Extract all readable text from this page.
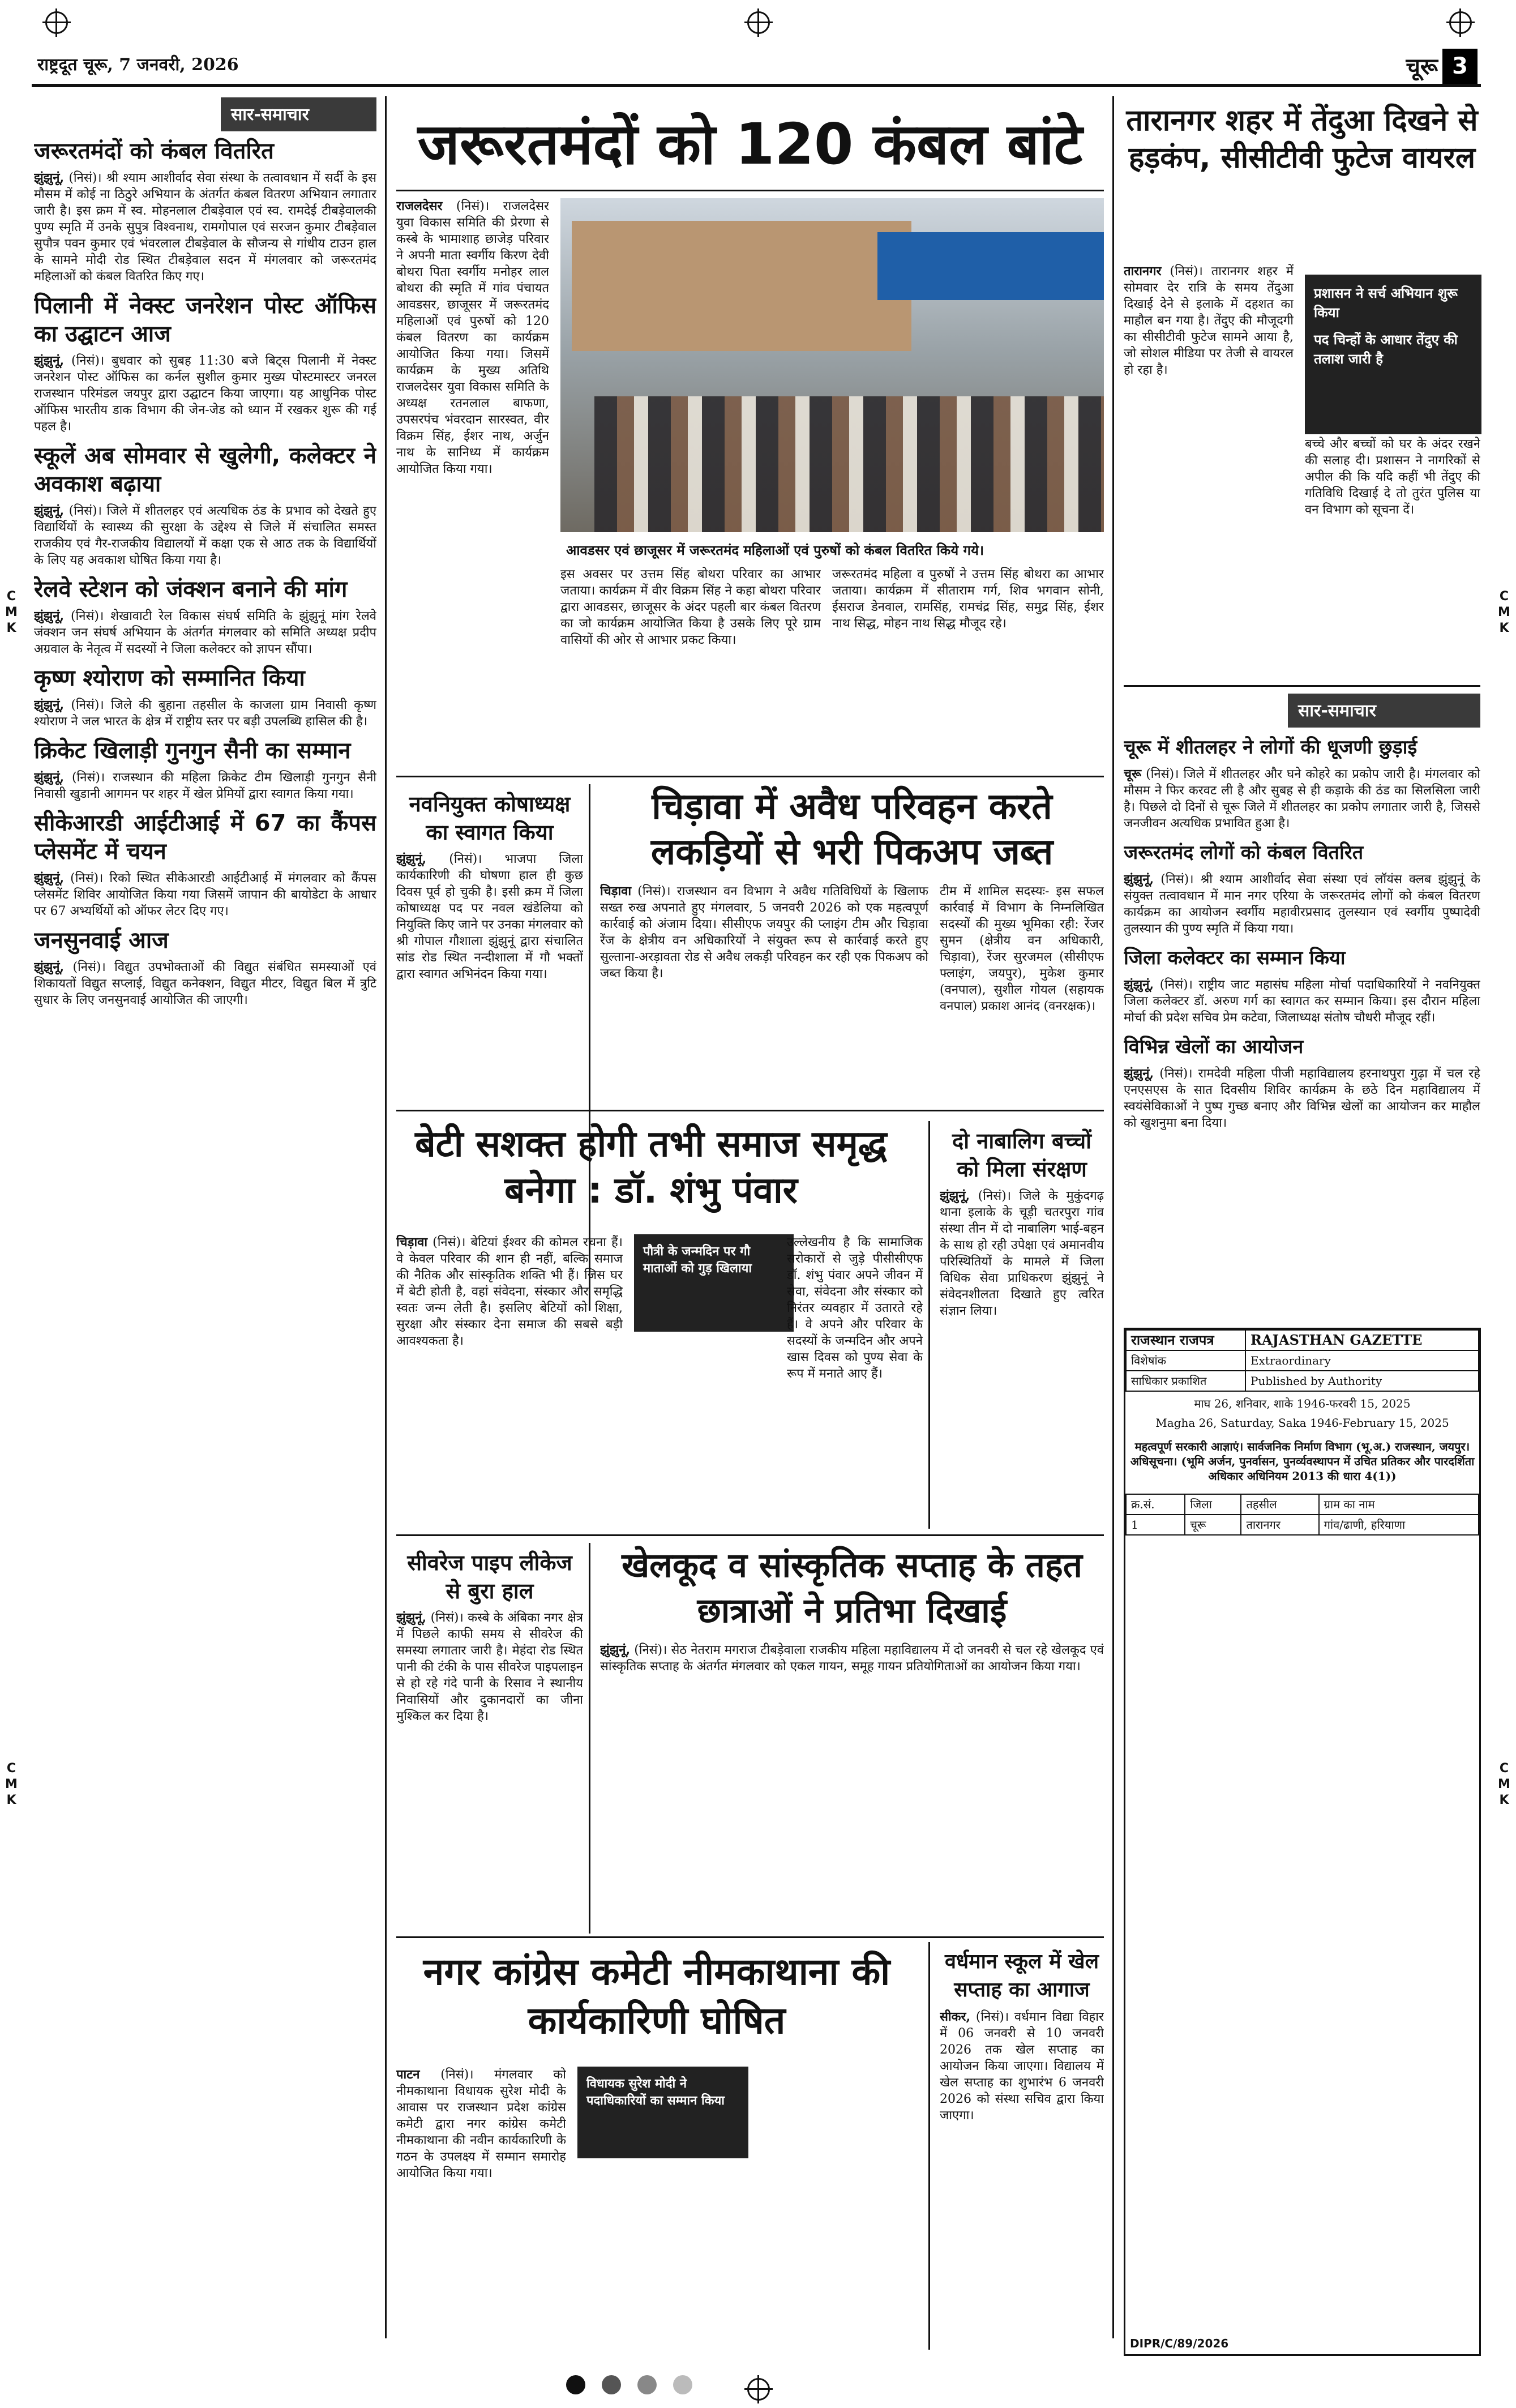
राष्ट्रदूत चूरू, 7 जनवरी, 2026	चूरू 3
C
M
K
C
M
K
C
M
K
C
M
K
सार-समाचार
जरूरतमंदों को कंबल वितरित

झुंझुनूं, (निसं)। श्री श्याम आशीर्वाद सेवा संस्था के तत्वावधान में सर्दी के इस मौसम में कोई ना ठिठुरे अभियान के अंतर्गत कंबल वितरण अभियान लगातार जारी है। इस क्रम में स्व. मोहनलाल टीबड़ेवाल एवं स्व. रामदेई टीबड़ेवालकी पुण्य स्मृति में उनके सुपुत्र विश्वनाथ, रामगोपाल एवं सरजन कुमार टीबड़ेवाल सुपौत्र पवन कुमार एवं भंवरलाल टीबड़ेवाल के सौजन्य से गांधीय टाउन हाल के सामने मोदी रोड स्थित टीबड़ेवाल सदन में मंगलवार को जरूरतमंद महिलाओं को कंबल वितरित किए गए।

पिलानी में नेक्स्ट जनरेशन पोस्ट ऑफिस का उद्घाटन आज

झुंझुनूं, (निसं)। बुधवार को सुबह 11:30 बजे बिट्स पिलानी में नेक्स्ट जनरेशन पोस्ट ऑफिस का कर्नल सुशील कुमार मुख्य पोस्टमास्टर जनरल राजस्थान परिमंडल जयपुर द्वारा उद्घाटन किया जाएगा। यह आधुनिक पोस्ट ऑफिस भारतीय डाक विभाग की जेन-जेड को ध्यान में रखकर शुरू की गई पहल है।

स्कूलें अब सोमवार से खुलेगी, कलेक्टर ने अवकाश बढ़ाया

झुंझुनूं, (निसं)। जिले में शीतलहर एवं अत्यधिक ठंड के प्रभाव को देखते हुए विद्यार्थियों के स्वास्थ्य की सुरक्षा के उद्देश्य से जिले में संचालित समस्त राजकीय एवं गैर-राजकीय विद्यालयों में कक्षा एक से आठ तक के विद्यार्थियों के लिए यह अवकाश घोषित किया गया है।

रेलवे स्टेशन को जंक्शन बनाने की मांग

झुंझुनूं, (निसं)। शेखावाटी रेल विकास संघर्ष समिति के झुंझुनूं मांग रेलवे जंक्शन जन संघर्ष अभियान के अंतर्गत मंगलवार को समिति अध्यक्ष प्रदीप अग्रवाल के नेतृत्व में सदस्यों ने जिला कलेक्टर को ज्ञापन सौंपा।

कृष्ण श्योराण को सम्मानित किया

झुंझुनूं, (निसं)। जिले की बुहाना तहसील के काजला ग्राम निवासी कृष्ण श्योराण ने जल भारत के क्षेत्र में राष्ट्रीय स्तर पर बड़ी उपलब्धि हासिल की है।

क्रिकेट खिलाड़ी गुनगुन सैनी का सम्मान

झुंझुनूं, (निसं)। राजस्थान की महिला क्रिकेट टीम खिलाड़ी गुनगुन सैनी निवासी खुडानी आगमन पर शहर में खेल प्रेमियों द्वारा स्वागत किया गया।

सीकेआरडी आईटीआई में 67 का कैंपस प्लेसमेंट में चयन

झुंझुनूं, (निसं)। रिको स्थित सीकेआरडी आईटीआई में मंगलवार को कैंपस प्लेसमेंट शिविर आयोजित किया गया जिसमें जापान की बायोडेटा के आधार पर 67 अभ्यर्थियों को ऑफर लेटर दिए गए।

जनसुनवाई आज

झुंझुनूं, (निसं)। विद्युत उपभोक्ताओं की विद्युत संबंधित समस्याओं एवं शिकायतों विद्युत सप्लाई, विद्युत कनेक्शन, विद्युत मीटर, विद्युत बिल में त्रुटि सुधार के लिए जनसुनवाई आयोजित की जाएगी।

जरूरतमंदों को 120 कंबल बांटे

राजलदेसर (निसं)। राजलदेसर युवा विकास समिति की प्रेरणा से कस्बे के भामाशाह छाजेड़ परिवार ने अपनी माता स्वर्गीय किरण देवी बोथरा पिता स्वर्गीय मनोहर लाल बोथरा की स्मृति में गांव पंचायत आवडसर, छाजूसर में जरूरतमंद महिलाओं एवं पुरुषों को 120 कंबल वितरण का कार्यक्रम आयोजित किया गया। जिसमें कार्यक्रम के मुख्य अतिथि राजलदेसर युवा विकास समिति के अध्यक्ष रतनलाल बाफणा, उपसरपंच भंवरदान सारस्वत, वीर विक्रम सिंह, ईशर नाथ, अर्जुन नाथ के सानिध्य में कार्यक्रम आयोजित किया गया।

आवडसर एवं छाजूसर में जरूरतमंद महिलाओं एवं पुरुषों को कंबल वितरित किये गये।

इस अवसर पर उत्तम सिंह बोथरा परिवार का आभार जताया। कार्यक्रम में वीर विक्रम सिंह ने कहा बोथरा परिवार द्वारा आवडसर, छाजूसर के अंदर पहली बार कंबल वितरण का जो कार्यक्रम आयोजित किया है उसके लिए पूरे ग्राम वासियों की ओर से आभार प्रकट किया।

जरूरतमंद महिला व पुरुषों ने उत्तम सिंह बोथरा का आभार जताया। कार्यक्रम में सीताराम गर्ग, शिव भगवान सोनी, ईसराज डेनवाल, रामसिंह, रामचंद्र सिंह, समुद्र सिंह, ईशर नाथ सिद्ध, मोहन नाथ सिद्ध मौजूद रहे।

तारानगर शहर में तेंदुआ दिखने से हड़कंप, सीसीटीवी फुटेज वायरल

तारानगर (निसं)। तारानगर शहर में सोमवार देर रात्रि के समय तेंदुआ दिखाई देने से इलाके में दहशत का माहौल बन गया है। तेंदुए की मौजूदगी का सीसीटीवी फुटेज सामने आया है, जो सोशल मीडिया पर तेजी से वायरल हो रहा है।

प्रशासन ने सर्च अभियान शुरू किया
पद चिन्हों के आधार तेंदुए की तलाश जारी है

बच्चे और बच्चों को घर के अंदर रखने की सलाह दी। प्रशासन ने नागरिकों से अपील की कि यदि कहीं भी तेंदुए की गतिविधि दिखाई दे तो तुरंत पुलिस या वन विभाग को सूचना दें।

नवनियुक्त कोषाध्यक्ष का स्वागत किया

झुंझुनूं, (निसं)। भाजपा जिला कार्यकारिणी की घोषणा हाल ही कुछ दिवस पूर्व हो चुकी है। इसी क्रम में जिला कोषाध्यक्ष पद पर नवल खंडेलिया को नियुक्ति किए जाने पर उनका मंगलवार को श्री गोपाल गौशाला झुंझुनूं द्वारा संचालित सांड रोड स्थित नन्दीशाला में गौ भक्तों द्वारा स्वागत अभिनंदन किया गया।

चिड़ावा में अवैध परिवहन करते लकड़ियों से भरी पिकअप जब्त

चिड़ावा (निसं)। राजस्थान वन विभाग ने अवैध गतिविधियों के खिलाफ सख्त रुख अपनाते हुए मंगलवार, 5 जनवरी 2026 को एक महत्वपूर्ण कार्रवाई को अंजाम दिया। सीसीएफ जयपुर की प्लाइंग टीम और चिड़ावा रेंज के क्षेत्रीय वन अधिकारियों ने संयुक्त रूप से कार्रवाई करते हुए सुल्ताना-अरड़ावता रोड से अवैध लकड़ी परिवहन कर रही एक पिकअप को जब्त किया है।

टीम में शामिल सदस्यः- इस सफल कार्रवाई में विभाग के निम्नलिखित सदस्यों की मुख्य भूमिका रही: रेंजर सुमन (क्षेत्रीय वन अधिकारी, चिड़ावा), रेंजर सुरजमल (सीसीएफ फ्लाइंग, जयपुर), मुकेश कुमार (वनपाल), सुशील गोयल (सहायक वनपाल) प्रकाश आनंद (वनरक्षक)।

बेटी सशक्त होगी तभी समाज समृद्ध बनेगा : डॉ. शंभु पंवार
पौत्री के जन्मदिन पर गौ माताओं को गुड़ खिलाया

चिड़ावा (निसं)। बेटियां ईश्वर की कोमल रचना हैं। वे केवल परिवार की शान ही नहीं, बल्कि समाज की नैतिक और सांस्कृतिक शक्ति भी हैं। जिस घर में बेटी होती है, वहां संवेदना, संस्कार और समृद्धि स्वतः जन्म लेती है। इसलिए बेटियों को शिक्षा, सुरक्षा और संस्कार देना समाज की सबसे बड़ी आवश्यकता है।

उल्लेखनीय है कि सामाजिक सरोकारों से जुड़े पीसीसीएफ डॉ. शंभु पंवार अपने जीवन में सेवा, संवेदना और संस्कार को निरंतर व्यवहार में उतारते रहे हैं। वे अपने और परिवार के सदस्यों के जन्मदिन और अपने खास दिवस को पुण्य सेवा के रूप में मनाते आए हैं।

दो नाबालिग बच्चों को मिला संरक्षण

झुंझुनूं, (निसं)। जिले के मुकुंदगढ़ थाना इलाके के चूड़ी चतरपुरा गांव संस्था तीन में दो नाबालिग भाई-बहन के साथ हो रही उपेक्षा एवं अमानवीय परिस्थितियों के मामले में जिला विधिक सेवा प्राधिकरण झुंझुनूं ने संवेदनशीलता दिखाते हुए त्वरित संज्ञान लिया।

सीवरेज पाइप लीकेज से बुरा हाल

झुंझुनूं, (निसं)। कस्बे के अंबिका नगर क्षेत्र में पिछले काफी समय से सीवरेज की समस्या लगातार जारी है। मेहंदा रोड स्थित पानी की टंकी के पास सीवरेज पाइपलाइन से हो रहे गंदे पानी के रिसाव ने स्थानीय निवासियों और दुकानदारों का जीना मुश्किल कर दिया है।

खेलकूद व सांस्कृतिक सप्ताह के तहत छात्राओं ने प्रतिभा दिखाई

झुंझुनूं, (निसं)। सेठ नेतराम मगराज टीबड़ेवाला राजकीय महिला महाविद्यालय में दो जनवरी से चल रहे खेलकूद एवं सांस्कृतिक सप्ताह के अंतर्गत मंगलवार को एकल गायन, समूह गायन प्रतियोगिताओं का आयोजन किया गया।

नगर कांग्रेस कमेटी नीमकाथाना की कार्यकारिणी घोषित
विधायक सुरेश मोदी ने पदाधिकारियों का सम्मान किया

पाटन (निसं)। मंगलवार को नीमकाथाना विधायक सुरेश मोदी के आवास पर राजस्थान प्रदेश कांग्रेस कमेटी द्वारा नगर कांग्रेस कमेटी नीमकाथाना की नवीन कार्यकारिणी के गठन के उपलक्ष्य में सम्मान समारोह आयोजित किया गया।

वर्धमान स्कूल में खेल सप्ताह का आगाज

सीकर, (निसं)। वर्धमान विद्या विहार में 06 जनवरी से 10 जनवरी 2026 तक खेल सप्ताह का आयोजन किया जाएगा। विद्यालय में खेल सप्ताह का शुभारंभ 6 जनवरी 2026 को संस्था सचिव द्वारा किया जाएगा।

सार-समाचार
चूरू में शीतलहर ने लोगों की धूजणी छुड़ाई

चूरू (निसं)। जिले में शीतलहर और घने कोहरे का प्रकोप जारी है। मंगलवार को मौसम ने फिर करवट ली है और सुबह से ही कड़ाके की ठंड का सिलसिला जारी है। पिछले दो दिनों से चूरू जिले में शीतलहर का प्रकोप लगातार जारी है, जिससे जनजीवन अत्यधिक प्रभावित हुआ है।

जरूरतमंद लोगों को कंबल वितरित

झुंझुनूं, (निसं)। श्री श्याम आशीर्वाद सेवा संस्था एवं लॉयंस क्लब झुंझुनूं के संयुक्त तत्वावधान में मान नगर एरिया के जरूरतमंद लोगों को कंबल वितरण कार्यक्रम का आयोजन स्वर्गीय महावीरप्रसाद तुलस्यान एवं स्वर्गीय पुष्पादेवी तुलस्यान की पुण्य स्मृति में किया गया।

जिला कलेक्टर का सम्मान किया

झुंझुनूं, (निसं)। राष्ट्रीय जाट महासंघ महिला मोर्चा पदाधिकारियों ने नवनियुक्त जिला कलेक्टर डॉ. अरुण गर्ग का स्वागत कर सम्मान किया। इस दौरान महिला मोर्चा की प्रदेश सचिव प्रेम कटेवा, जिलाध्यक्ष संतोष चौधरी मौजूद रहीं।

विभिन्न खेलों का आयोजन

झुंझुनूं, (निसं)। रामदेवी महिला पीजी महाविद्यालय हरनाथपुरा गुढ़ा में चल रहे एनएसएस के सात दिवसीय शिविर कार्यक्रम के छठे दिन महाविद्यालय में स्वयंसेविकाओं ने पुष्प गुच्छ बनाए और विभिन्न खेलों का आयोजन कर माहौल को खुशनुमा बना दिया।

राजस्थान राजपत्र	RAJASTHAN GAZETTE
विशेषांक	Extraordinary
साधिकार प्रकाशित	Published by Authority
माघ 26, शनिवार, शाके 1946-फरवरी 15, 2025
Magha 26, Saturday, Saka 1946-February 15, 2025
महत्वपूर्ण सरकारी आज्ञाएं। सार्वजनिक निर्माण विभाग (भू.अ.) राजस्थान, जयपुर। अधिसूचना। (भूमि अर्जन, पुनर्वासन, पुनर्व्यवस्थापन में उचित प्रतिकर और पारदर्शिता अधिकार अधिनियम 2013 की धारा 4(1))
क्र.सं.	जिला	तहसील	ग्राम का नाम
1	चूरू	तारानगर	गांव/ढाणी, हरियाणा
DIPR/C/89/2026
